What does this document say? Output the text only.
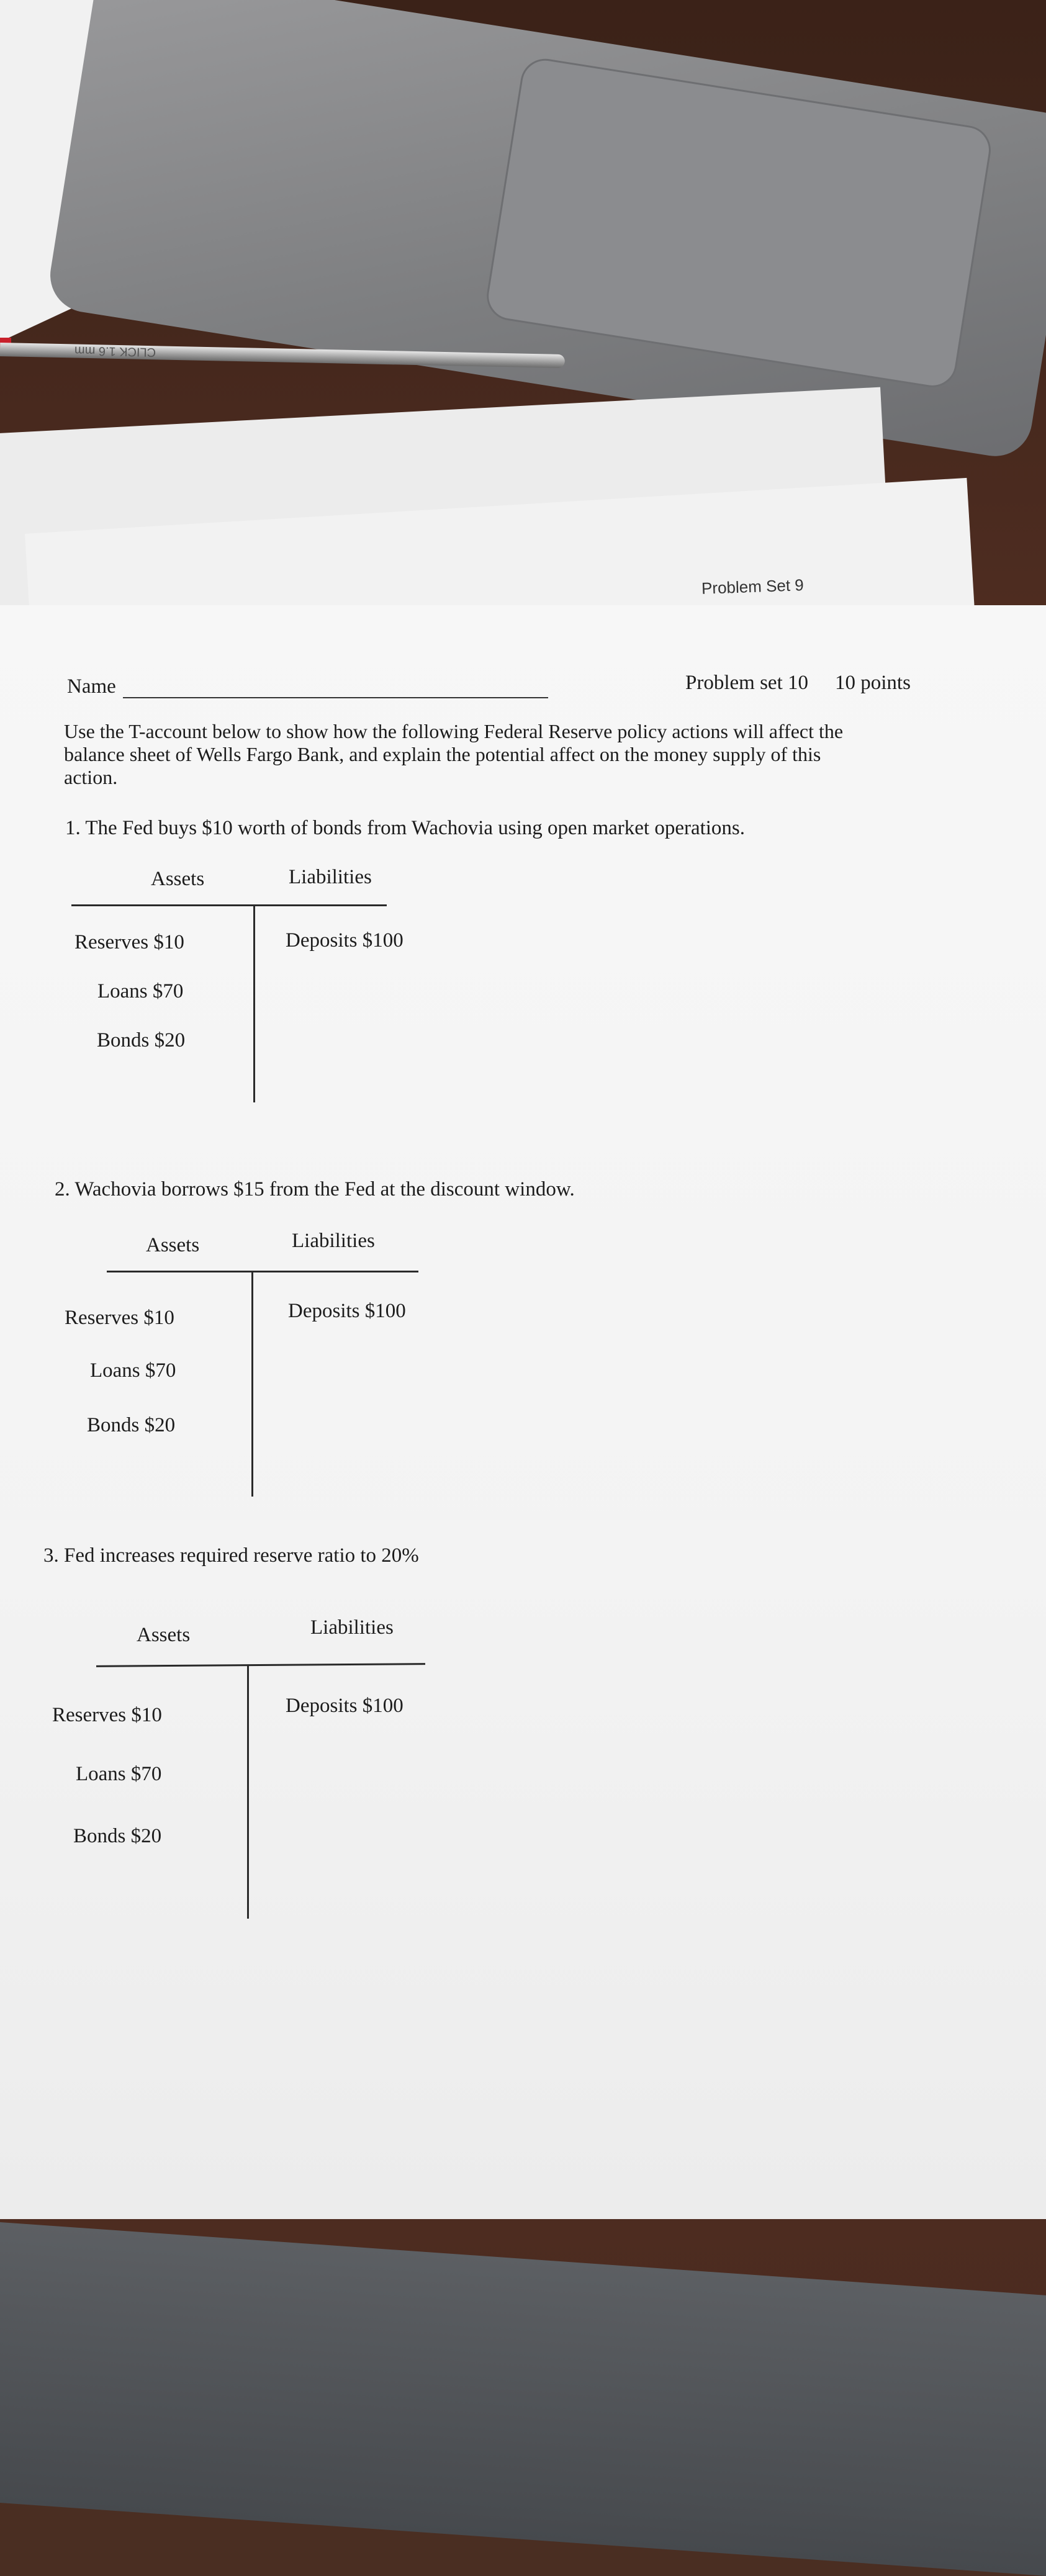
CLICK 1.6 mm
Problem Set 9
Name	Problem set 10 10 points
Use the T-account below to show how the following Federal Reserve policy actions will affect the
balance sheet of Wells Fargo Bank, and explain the potential affect on the money supply of this
action.
1. The Fed buys $10 worth of bonds from Wachovia using open market operations.
Assets	Liabilities
Reserves $10
Loans $70
Bonds $20
Deposits $100
2. Wachovia borrows $15 from the Fed at the discount window.
Assets	Liabilities
Reserves $10
Loans $70
Bonds $20
Deposits $100
3. Fed increases required reserve ratio to 20%
Assets	Liabilities
Reserves $10
Loans $70
Bonds $20
Deposits $100
